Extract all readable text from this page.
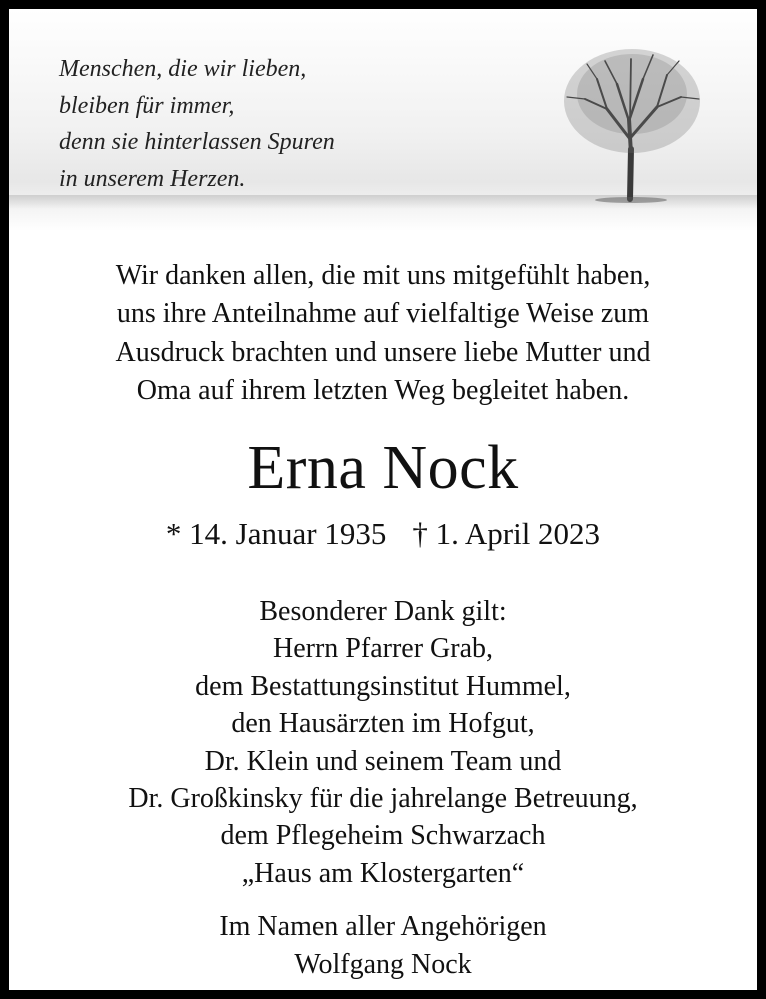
Menschen, die wir lieben,
bleiben für immer,
denn sie hinterlassen Spuren
in unserem Herzen.
Wir danken allen, die mit uns mitgefühlt haben,
uns ihre Anteilnahme auf vielfaltige Weise zum
Ausdruck brachten und unsere liebe Mutter und
Oma auf ihrem letzten Weg begleitet haben.
Erna Nock
* 14. Januar 1935 † 1. April 2023
Besonderer Dank gilt:
Herrn Pfarrer Grab,
dem Bestattungsinstitut Hummel,
den Hausärzten im Hofgut,
Dr. Klein und seinem Team und
Dr. Großkinsky für die jahrelange Betreuung,
dem Pflegeheim Schwarzach
„Haus am Klostergarten“
Im Namen aller Angehörigen
Wolfgang Nock
